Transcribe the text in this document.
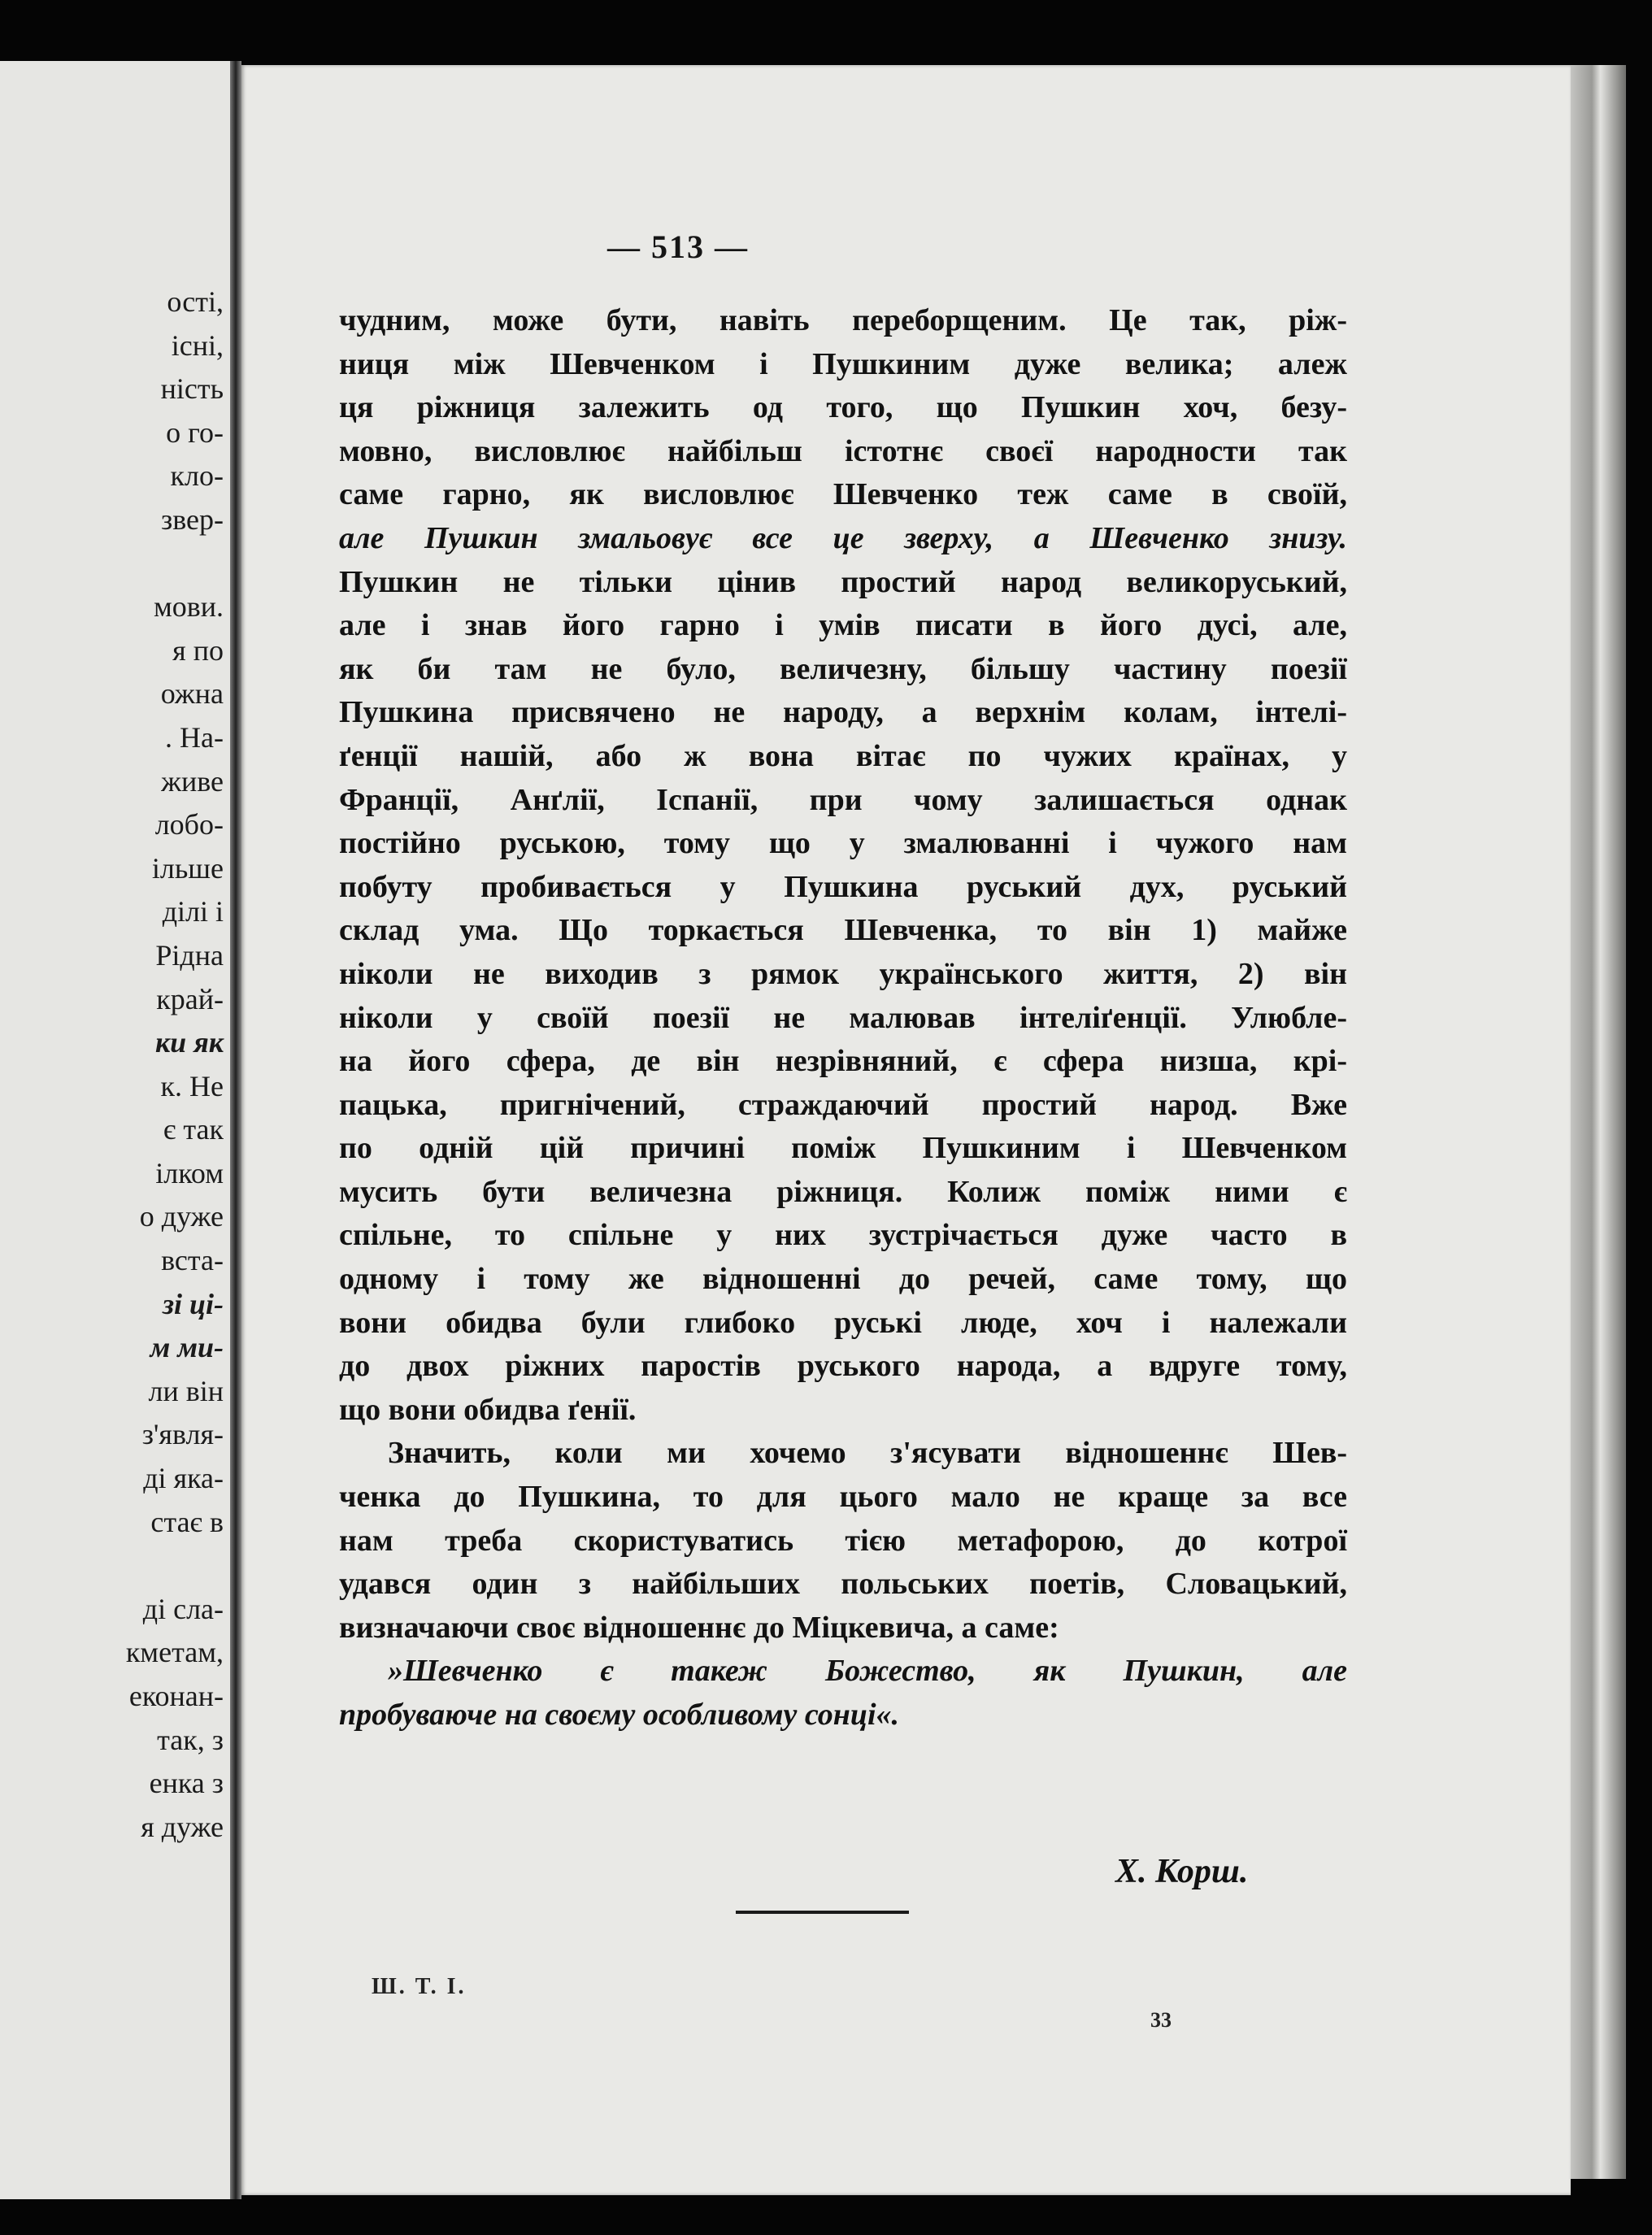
ості,
існі,
ність
о го-
кло-
звер-
мови.
я по
ожна
. На-
живе
лобо-
ільше
ділі і
Рідна
край-
ки як
к. Не
є так
ілком
о дуже
вста-
зі ці-
м ми-
ли він
з'явля-
ді яка-
стає в
ді сла-
кметам,
еконан-
так, з
енка з
я дуже
— 513 —
чудним, може бути, навіть переборщеним. Це так, ріж-
ниця між Шевченком і Пушкиним дуже велика; алеж
ця ріжниця залежить од того, що Пушкин хоч, безу-
мовно, висловлює найбільш істотнє своєї народности так
саме гарно, як висловлює Шевченко теж саме в своїй,
але Пушкин змальовує все це зверху, а Шевченко знизу.
Пушкин не тільки цінив простий народ великоруський,
але і знав його гарно і умів писати в його дусі, але,
як би там не було, величезну, більшу частину поезії
Пушкина присвячено не народу, а верхнім колам, інтелі-
ґенції нашій, або ж вона вітає по чужих країнах, у
Франції, Анґлії, Іспанії, при чому залишається однак
постійно руською, тому що у змалюванні і чужого нам
побуту пробивається у Пушкина руський дух, руський
склад ума. Що торкається Шевченка, то він 1) майже
ніколи не виходив з рямок українського життя, 2) він
ніколи у своїй поезії не малював інтеліґенції. Улюбле-
на його сфера, де він незрівняний, є сфера низша, крі-
пацька, пригнічений, страждаючий простий народ. Вже
по одній цій причині поміж Пушкиним і Шевченком
мусить бути величезна ріжниця. Колиж поміж ними є
спільне, то спільне у них зустрічається дуже часто в
одному і тому же відношенні до речей, саме тому, що
вони обидва були глибоко руські люде, хоч і належали
до двох ріжних паростів руського народа, а вдруге тому,
що вони обидва ґенії.
Значить, коли ми хочемо з'ясувати відношеннє Шев-
ченка до Пушкина, то для цього мало не краще за все
нам треба скористуватись тією метафорою, до котрої
удався один з найбільших польських поетів, Словацький,
визначаючи своє відношеннє до Міцкевича, а саме:
»Шевченко є такеж Божество, як Пушкин, але
пробуваюче на своєму особливому сонці«.
Х. Корш.
Ш. Т. I.
33
